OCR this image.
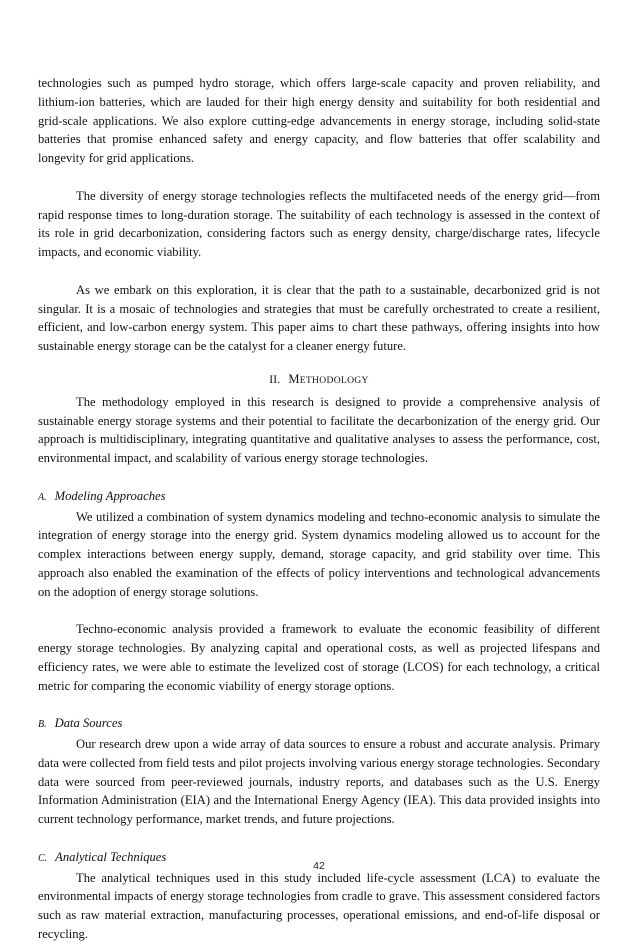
technologies such as pumped hydro storage, which offers large-scale capacity and proven reliability, and lithium-ion batteries, which are lauded for their high energy density and suitability for both residential and grid-scale applications. We also explore cutting-edge advancements in energy storage, including solid-state batteries that promise enhanced safety and energy capacity, and flow batteries that offer scalability and longevity for grid applications.

The diversity of energy storage technologies reflects the multifaceted needs of the energy grid—from rapid response times to long-duration storage. The suitability of each technology is assessed in the context of its role in grid decarbonization, considering factors such as energy density, charge/discharge rates, lifecycle impacts, and economic viability.

As we embark on this exploration, it is clear that the path to a sustainable, decarbonized grid is not singular. It is a mosaic of technologies and strategies that must be carefully orchestrated to create a resilient, efficient, and low-carbon energy system. This paper aims to chart these pathways, offering insights into how sustainable energy storage can be the catalyst for a cleaner energy future.

II. METHODOLOGY

The methodology employed in this research is designed to provide a comprehensive analysis of sustainable energy storage systems and their potential to facilitate the decarbonization of the energy grid. Our approach is multidisciplinary, integrating quantitative and qualitative analyses to assess the performance, cost, environmental impact, and scalability of various energy storage technologies.

A. Modeling Approaches

We utilized a combination of system dynamics modeling and techno-economic analysis to simulate the integration of energy storage into the energy grid. System dynamics modeling allowed us to account for the complex interactions between energy supply, demand, storage capacity, and grid stability over time. This approach also enabled the examination of the effects of policy interventions and technological advancements on the adoption of energy storage solutions.

Techno-economic analysis provided a framework to evaluate the economic feasibility of different energy storage technologies. By analyzing capital and operational costs, as well as projected lifespans and efficiency rates, we were able to estimate the levelized cost of storage (LCOS) for each technology, a critical metric for comparing the economic viability of energy storage options.

B. Data Sources

Our research drew upon a wide array of data sources to ensure a robust and accurate analysis. Primary data were collected from field tests and pilot projects involving various energy storage technologies. Secondary data were sourced from peer-reviewed journals, industry reports, and databases such as the U.S. Energy Information Administration (EIA) and the International Energy Agency (IEA). This data provided insights into current technology performance, market trends, and future projections.

C. Analytical Techniques

The analytical techniques used in this study included life-cycle assessment (LCA) to evaluate the environmental impacts of energy storage technologies from cradle to grave. This assessment considered factors such as raw material extraction, manufacturing processes, operational emissions, and end-of-life disposal or recycling.

42
